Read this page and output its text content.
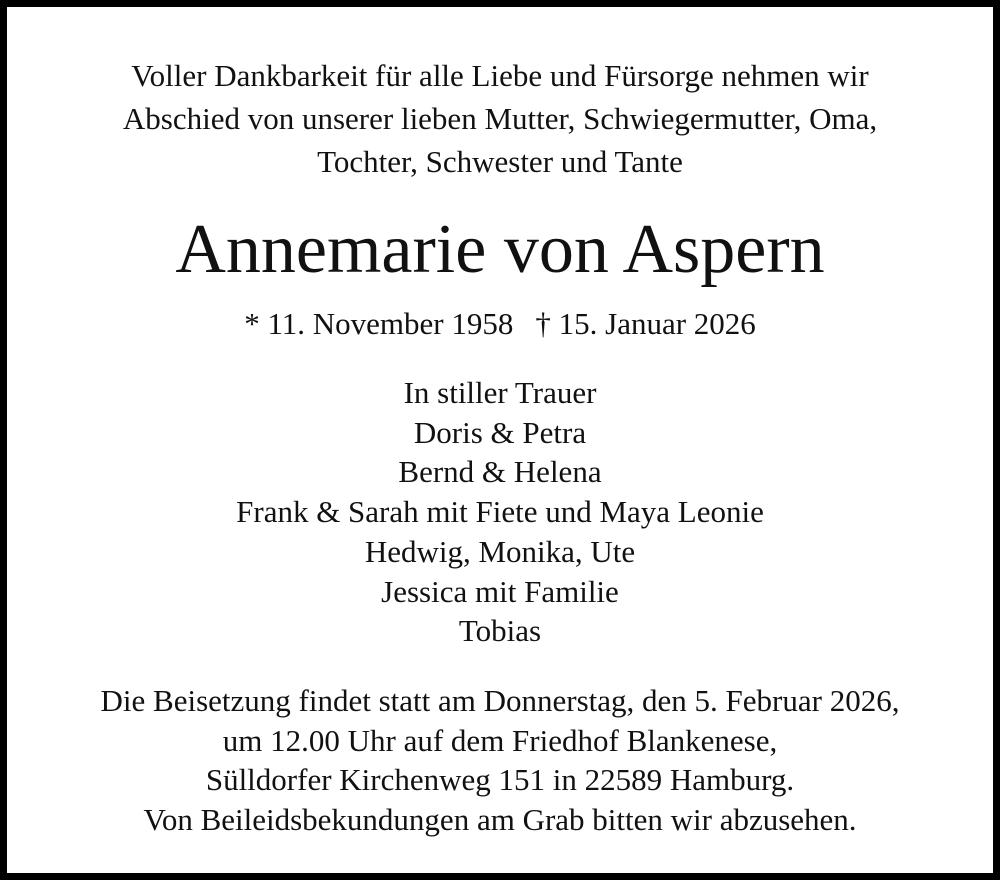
Voller Dankbarkeit für alle Liebe und Fürsorge nehmen wir
Abschied von unserer lieben Mutter, Schwiegermutter, Oma,
Tochter, Schwester und Tante
Annemarie von Aspern
* 11. November 1958 † 15. Januar 2026
In stiller Trauer
Doris & Petra
Bernd & Helena
Frank & Sarah mit Fiete und Maya Leonie
Hedwig, Monika, Ute
Jessica mit Familie
Tobias
Die Beisetzung findet statt am Donnerstag, den 5. Februar 2026,
um 12.00 Uhr auf dem Friedhof Blankenese,
Sülldorfer Kirchenweg 151 in 22589 Hamburg.
Von Beileidsbekundungen am Grab bitten wir abzusehen.
